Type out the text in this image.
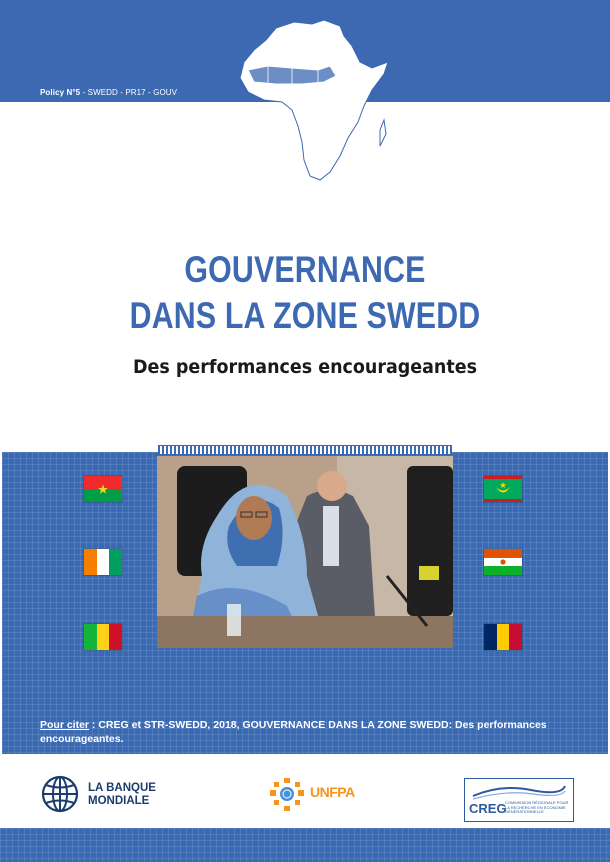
Policy N°5 - SWEDD - PR17 - GOUV
GOUVERNANCE
DANS LA ZONE SWEDD
Des performances encourageantes
Pour citer : CREG et STR-SWEDD, 2018, GOUVERNANCE DANS LA ZONE SWEDD: Des performances encourageantes.
LA BANQUE
MONDIALE
UNFPA
CREG
COMMISSION RÉGIONALE POUR LA RECHERCHE EN ÉCONOMIE GÉNÉRATIONNELLE
